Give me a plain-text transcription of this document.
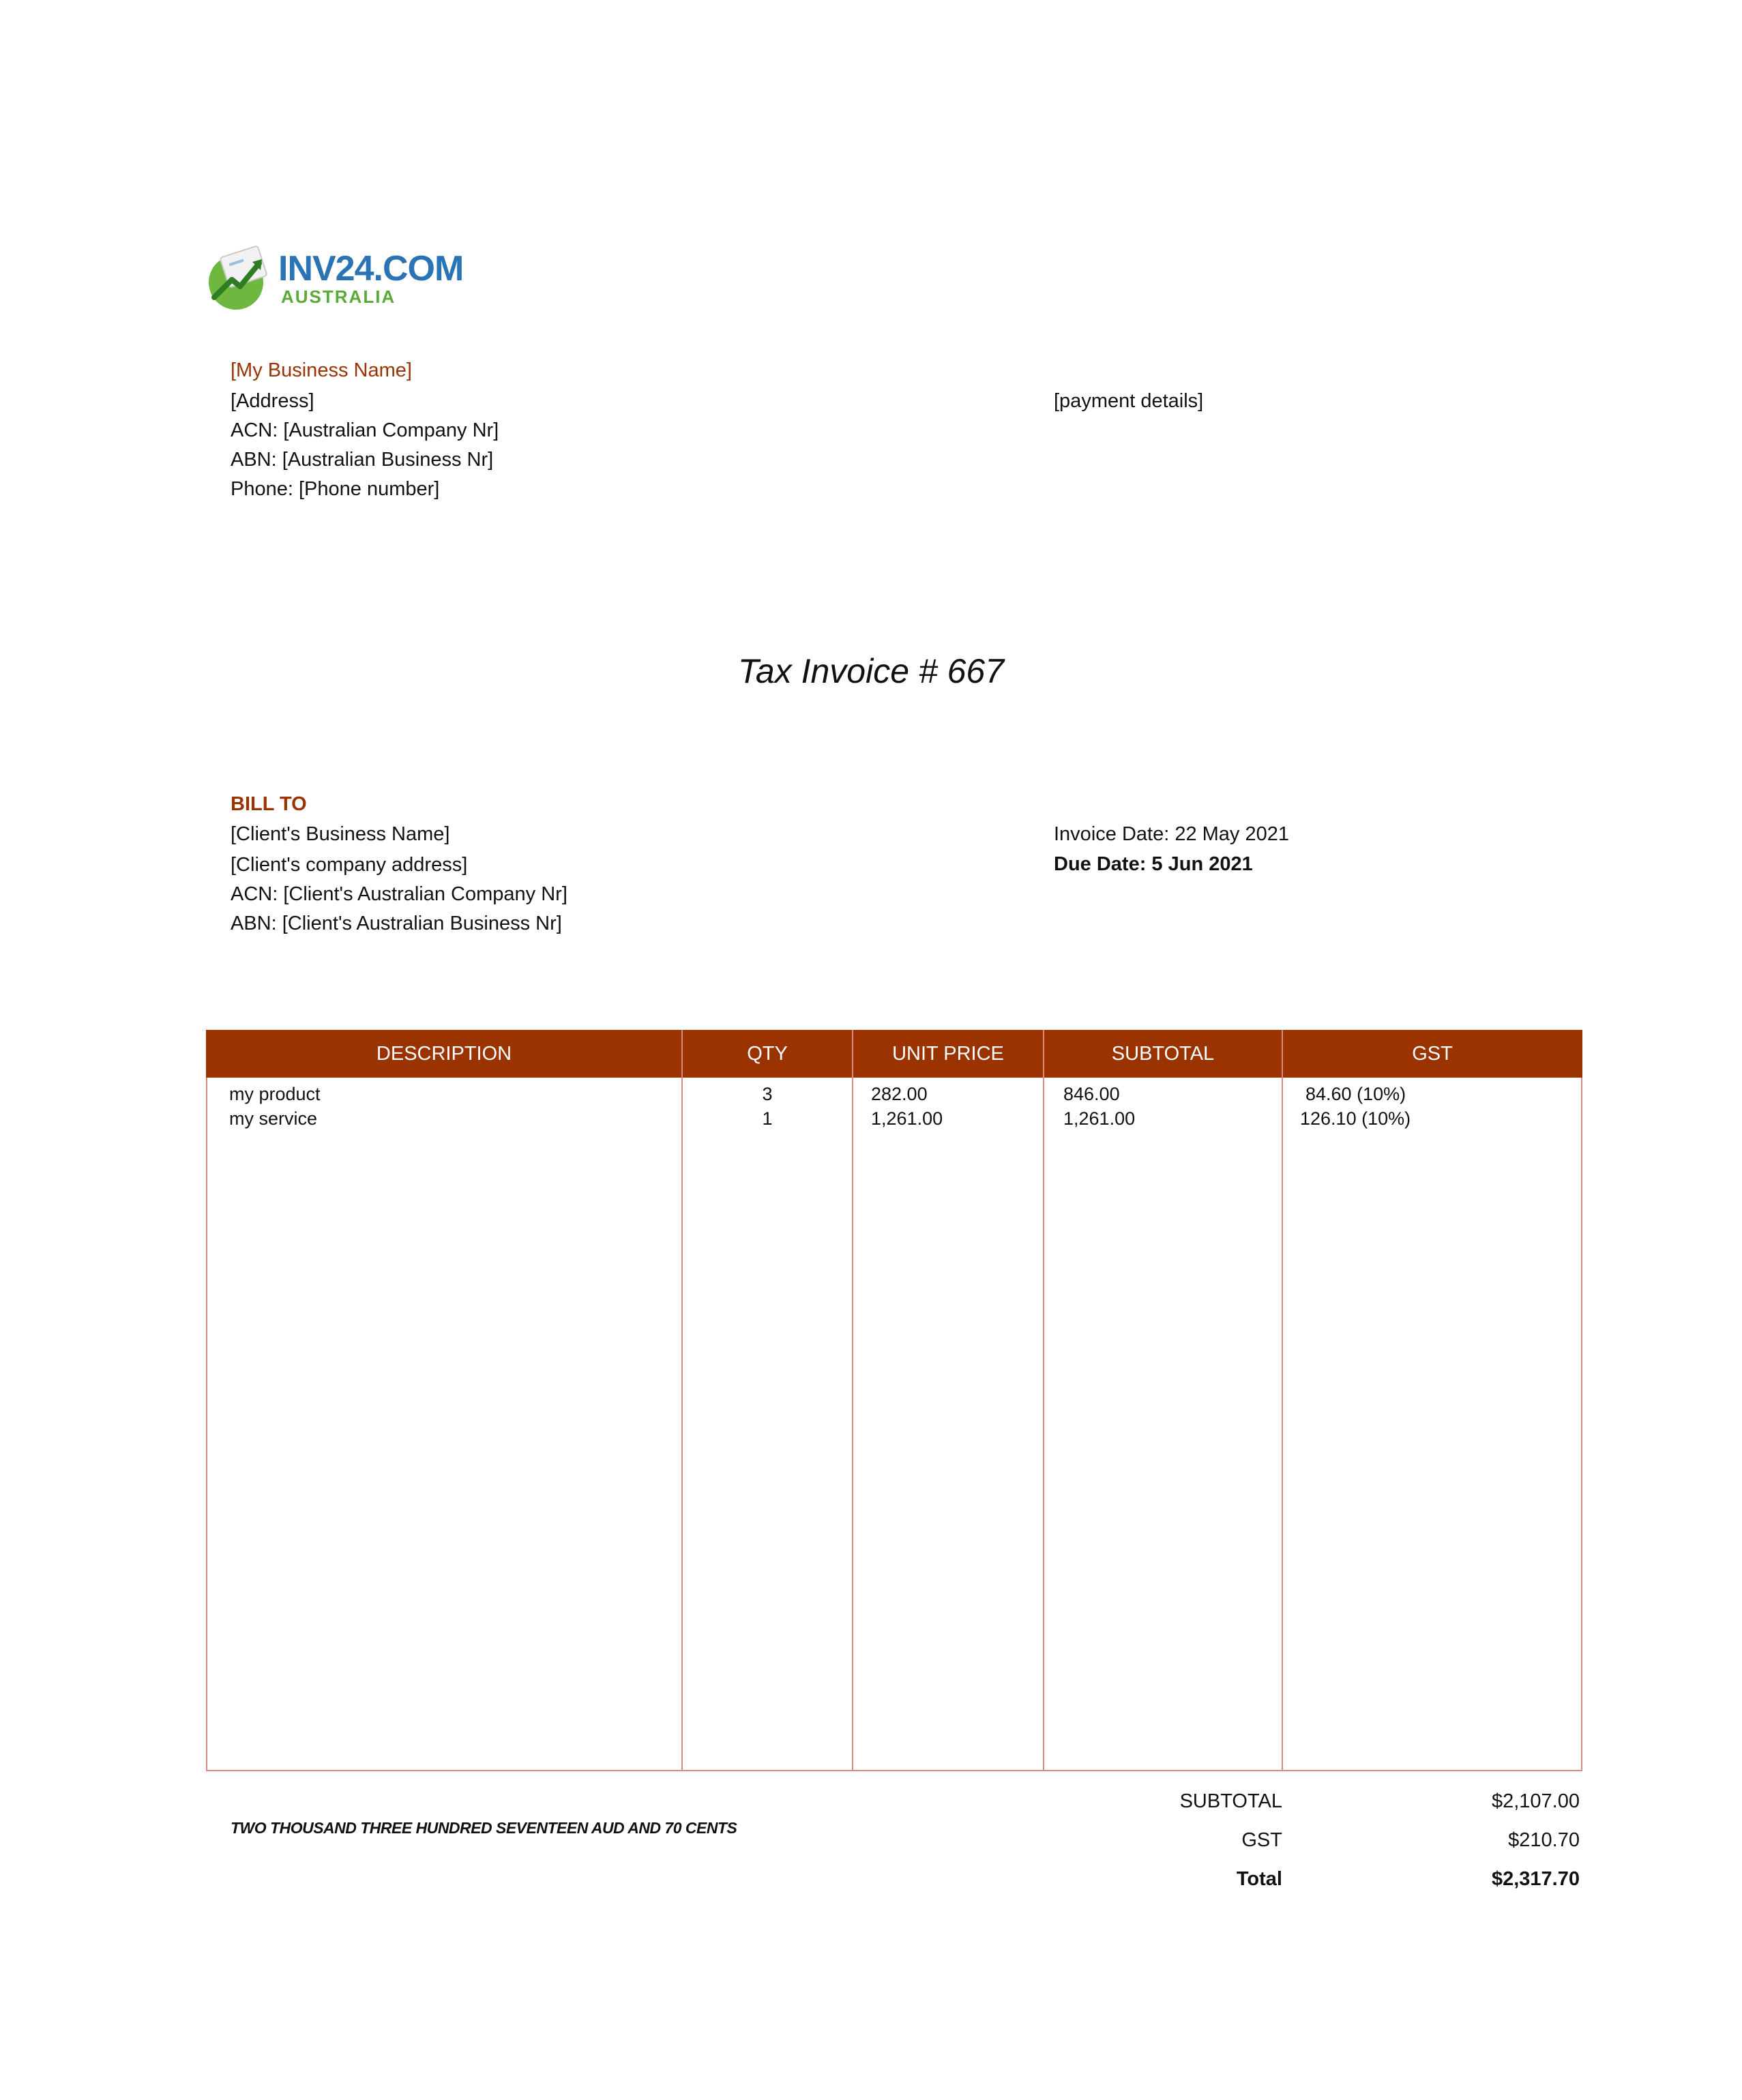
INV24.COM
AUSTRALIA
[My Business Name]
[Address]
ACN: [Australian Company Nr]
ABN: [Australian Business Nr]
Phone: [Phone number]
[payment details]
Tax Invoice # 667
BILL TO
[Client's Business Name]
[Client's company address]
ACN: [Client's Australian Company Nr]
ABN: [Client's Australian Business Nr]
Invoice Date: 22 May 2021
Due Date: 5 Jun 2021
DESCRIPTION	QTY	UNIT PRICE	SUBTOTAL	GST
my product	3	282.00	846.00	84.60 (10%)
my service	1	1,261.00	1,261.00	126.10 (10%)
SUBTOTAL	$2,107.00
GST	$210.70
Total	$2,317.70
TWO THOUSAND THREE HUNDRED SEVENTEEN AUD AND 70 CENTS
